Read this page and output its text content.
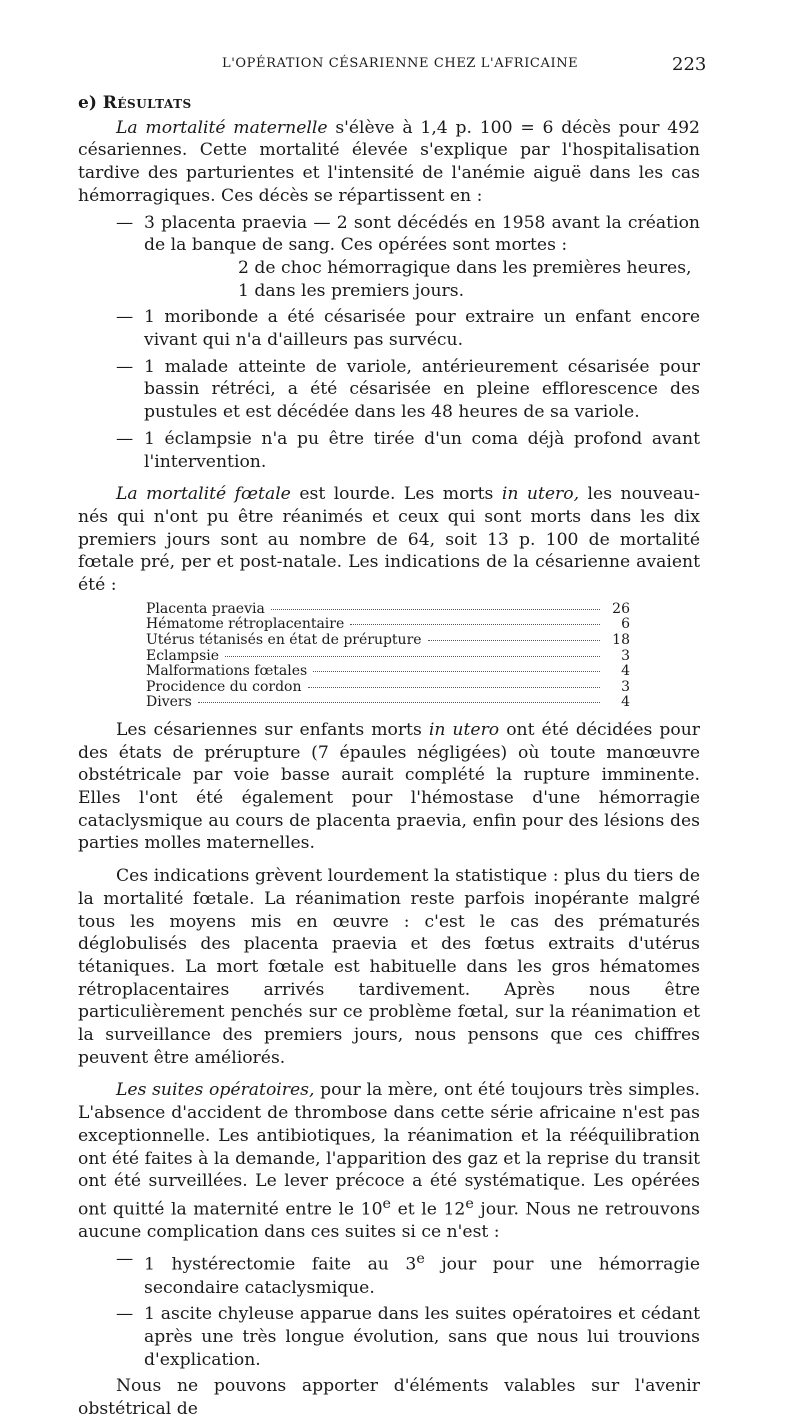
L'OPÉRATION CÉSARIENNE CHEZ L'AFRICAINE	223
e) Résultats

La mortalité maternelle s'élève à 1,4 p. 100 = 6 décès pour 492 césariennes. Cette mortalité élevée s'explique par l'hospitalisation tardive des parturientes et l'intensité de l'anémie aiguë dans les cas hémorragiques. Ces décès se répartissent en :

— 3 placenta praevia — 2 sont décédés en 1958 avant la création de la banque de sang. Ces opérées sont mortes :
2 de choc hémorragique dans les premières heures,
1 dans les premiers jours.
— 1 moribonde a été césarisée pour extraire un enfant encore vivant qui n'a d'ailleurs pas survécu.
— 1 malade atteinte de variole, antérieurement césarisée pour bassin rétréci, a été césarisée en pleine efflorescence des pustules et est décédée dans les 48 heures de sa variole.
— 1 éclampsie n'a pu être tirée d'un coma déjà profond avant l'intervention.

La mortalité fœtale est lourde. Les morts in utero, les nouveau-nés qui n'ont pu être réanimés et ceux qui sont morts dans les dix premiers jours sont au nombre de 64, soit 13 p. 100 de mortalité fœtale pré, per et post-natale. Les indications de la césarienne avaient été :

Placenta praevia	26
Hématome rétroplacentaire	6
Utérus tétanisés en état de prérupture	18
Eclampsie	3
Malformations fœtales	4
Procidence du cordon	3
Divers	4

Les césariennes sur enfants morts in utero ont été décidées pour des états de prérupture (7 épaules négligées) où toute manœuvre obstétricale par voie basse aurait complété la rupture imminente. Elles l'ont été également pour l'hémostase d'une hémorragie cataclysmique au cours de placenta praevia, enfin pour des lésions des parties molles maternelles.

Ces indications grèvent lourdement la statistique : plus du tiers de la mortalité fœtale. La réanimation reste parfois inopérante malgré tous les moyens mis en œuvre : c'est le cas des prématurés déglobulisés des placenta praevia et des fœtus extraits d'utérus tétaniques. La mort fœtale est habituelle dans les gros hématomes rétroplacentaires arrivés tardivement. Après nous être particulièrement penchés sur ce problème fœtal, sur la réanimation et la surveillance des premiers jours, nous pensons que ces chiffres peuvent être améliorés.

Les suites opératoires, pour la mère, ont été toujours très simples. L'absence d'accident de thrombose dans cette série africaine n'est pas exceptionnelle. Les antibiotiques, la réanimation et la rééquilibration ont été faites à la demande, l'apparition des gaz et la reprise du transit ont été surveillées. Le lever précoce a été systématique. Les opérées ont quitté la maternité entre le 10e et le 12e jour. Nous ne retrouvons aucune complication dans ces suites si ce n'est :

— 1 hystérectomie faite au 3e jour pour une hémorragie secondaire cataclysmique.
— 1 ascite chyleuse apparue dans les suites opératoires et cédant après une très longue évolution, sans que nous lui trouvions d'explication.

Nous ne pouvons apporter d'éléments valables sur l'avenir obstétrical de
